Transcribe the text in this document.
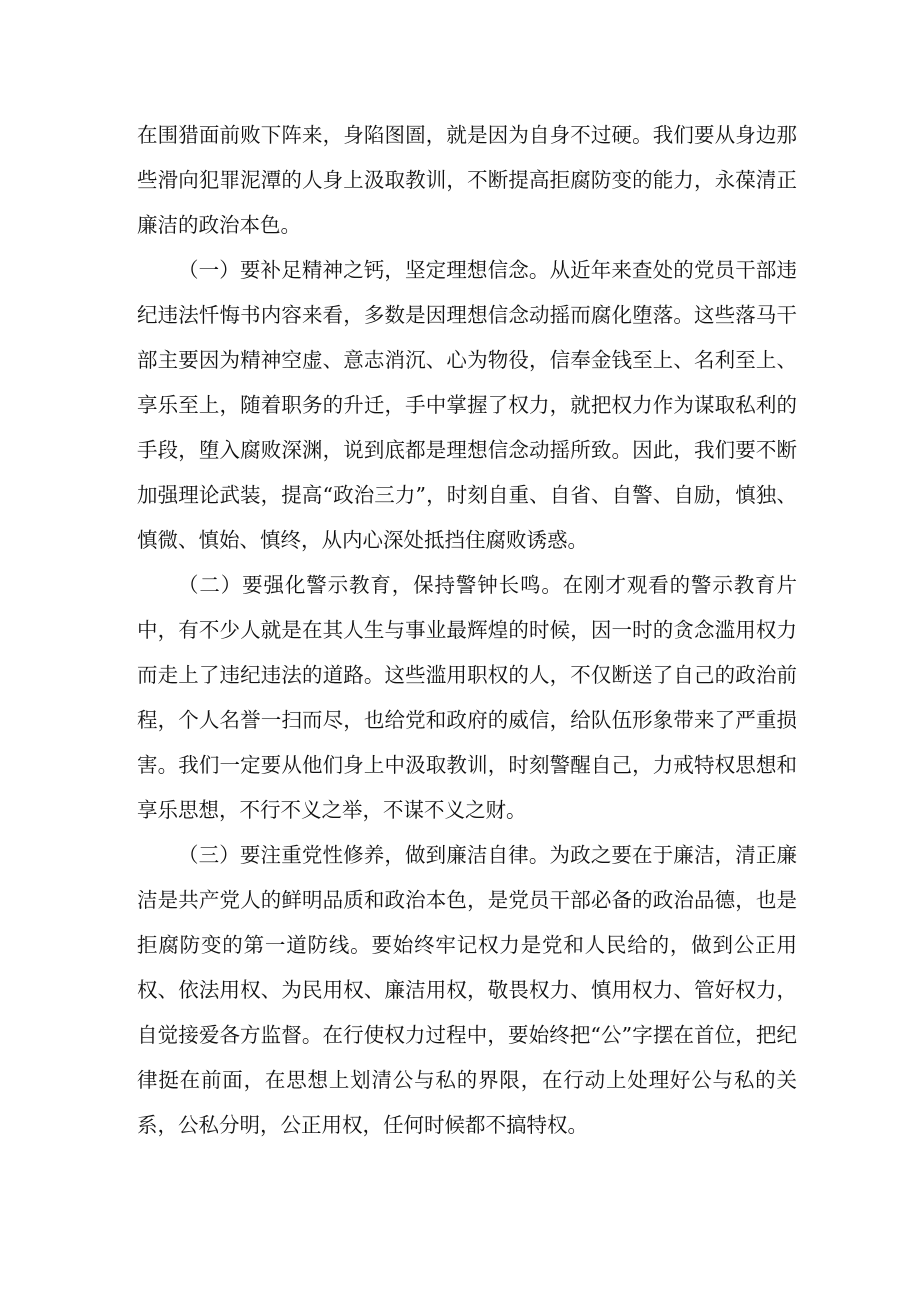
在围猎面前败下阵来，身陷图圄，就是因为自身不过硬。我们要从身边那些滑向犯罪泥潭的人身上汲取教训，不断提高拒腐防变的能力，永葆清正廉洁的政治本色。

（一）要补足精神之钙，坚定理想信念。从近年来查处的党员干部违纪违法忏悔书内容来看，多数是因理想信念动摇而腐化堕落。这些落马干部主要因为精神空虚、意志消沉、心为物役，信奉金钱至上、名利至上、享乐至上，随着职务的升迁，手中掌握了权力，就把权力作为谋取私利的手段，堕入腐败深渊，说到底都是理想信念动摇所致。因此，我们要不断加强理论武装，提高“政治三力”，时刻自重、自省、自警、自励，慎独、慎微、慎始、慎终，从内心深处抵挡住腐败诱惑。

（二）要强化警示教育，保持警钟长鸣。在刚才观看的警示教育片中，有不少人就是在其人生与事业最辉煌的时候，因一时的贪念滥用权力而走上了违纪违法的道路。这些滥用职权的人，不仅断送了自己的政治前程，个人名誉一扫而尽，也给党和政府的威信，给队伍形象带来了严重损害。我们一定要从他们身上中汲取教训，时刻警醒自己，力戒特权思想和享乐思想，不行不义之举，不谋不义之财。

（三）要注重党性修养，做到廉洁自律。为政之要在于廉洁，清正廉洁是共产党人的鲜明品质和政治本色，是党员干部必备的政治品德，也是拒腐防变的第一道防线。要始终牢记权力是党和人民给的，做到公正用权、依法用权、为民用权、廉洁用权，敬畏权力、慎用权力、管好权力，自觉接爱各方监督。在行使权力过程中，要始终把“公”字摆在首位，把纪律挺在前面，在思想上划清公与私的界限，在行动上处理好公与私的关系，公私分明，公正用权，任何时候都不搞特权。
